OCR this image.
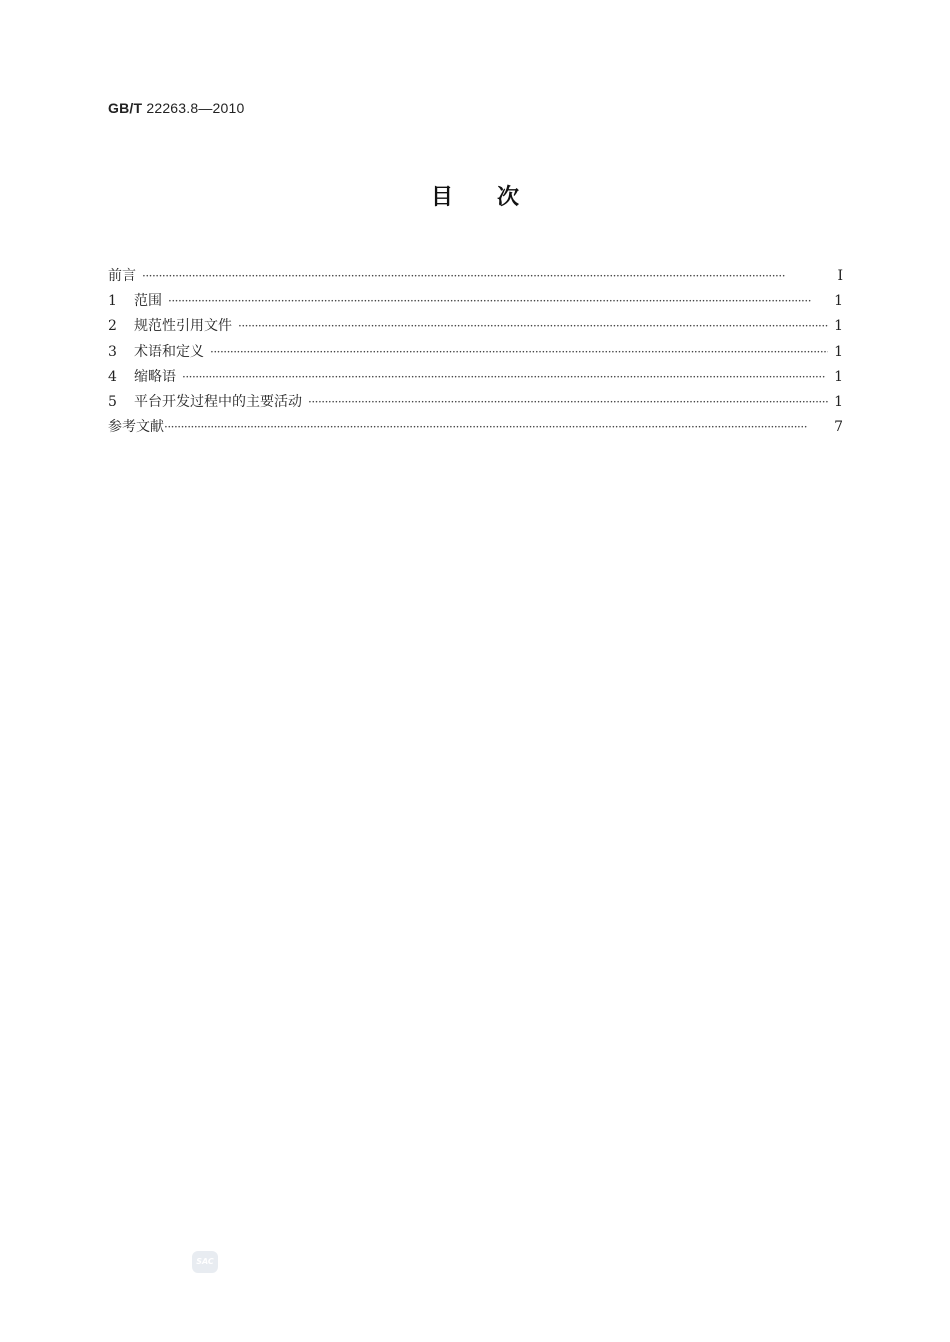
GB/T 22263.8—2010
目次
前言 ·····	Ⅰ
1	范围 ·····	1
2	规范性引用文件 ·····	1
3	术语和定义 ·····	1
4	缩略语 ·····	1
5	平台开发过程中的主要活动 ·····	1
参考文献 ·····	7
SAC
